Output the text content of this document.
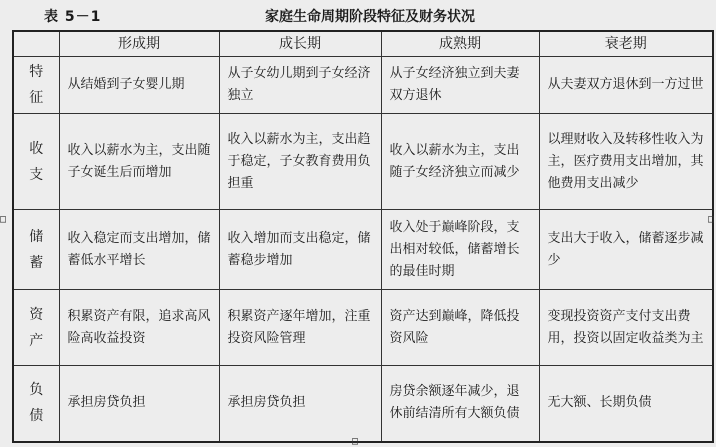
表 5－1	家庭生命周期阶段特征及财务状况
	形成期	成长期	成熟期	衰老期
特征	从结婚到子女婴儿期	从子女幼儿期到子女经济独立	从子女经济独立到夫妻双方退休	从夫妻双方退休到一方过世
收支	收入以薪水为主，支出随子女诞生后而增加	收入以薪水为主，支出趋于稳定，子女教育费用负担重	收入以薪水为主，支出随子女经济独立而减少	以理财收入及转移性收入为主，医疗费用支出增加，其他费用支出减少
储蓄	收入稳定而支出增加，储蓄低水平增长	收入增加而支出稳定，储蓄稳步增加	收入处于巅峰阶段，支出相对较低，储蓄增长的最佳时期	支出大于收入，储蓄逐步减少
资产	积累资产有限，追求高风险高收益投资	积累资产逐年增加，注重投资风险管理	资产达到巅峰，降低投资风险	变现投资资产支付支出费用，投资以固定收益类为主
负债	承担房贷负担	承担房贷负担	房贷余额逐年减少，退休前结清所有大额负债	无大额、长期负债
□	□
□
